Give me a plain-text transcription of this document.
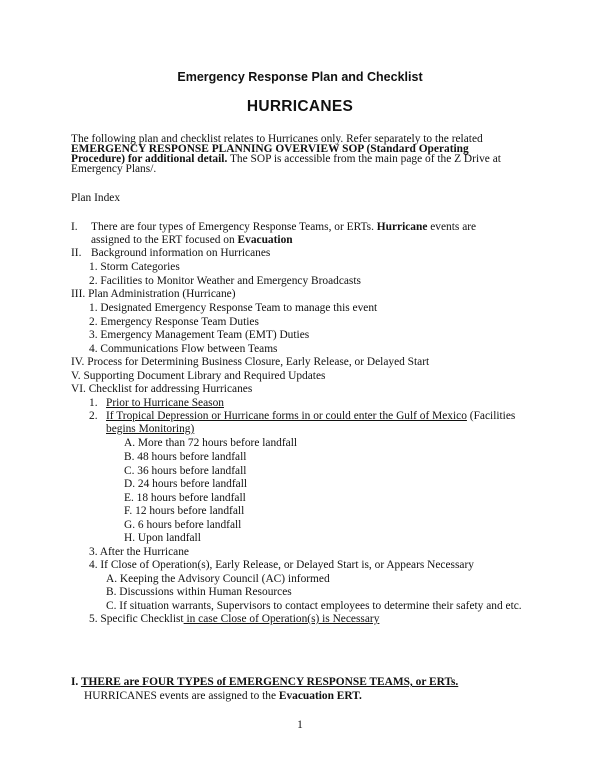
Emergency Response Plan and Checklist
HURRICANES
The following plan and checklist relates to Hurricanes only. Refer separately to the related
EMERGENCY RESPONSE PLANNING OVERVIEW SOP (Standard Operating
Procedure) for additional detail. The SOP is accessible from the main page of the Z Drive at
Emergency Plans/.
Plan Index
I. There are four types of Emergency Response Teams, or ERTs. Hurricane events are
assigned to the ERT focused on Evacuation
II. Background information on Hurricanes
1. Storm Categories
2. Facilities to Monitor Weather and Emergency Broadcasts
III. Plan Administration (Hurricane)
1. Designated Emergency Response Team to manage this event
2. Emergency Response Team Duties
3. Emergency Management Team (EMT) Duties
4. Communications Flow between Teams
IV. Process for Determining Business Closure, Early Release, or Delayed Start
V. Supporting Document Library and Required Updates
VI. Checklist for addressing Hurricanes
1. Prior to Hurricane Season
2. If Tropical Depression or Hurricane forms in or could enter the Gulf of Mexico (Facilities
begins Monitoring)
A. More than 72 hours before landfall
B. 48 hours before landfall
C. 36 hours before landfall
D. 24 hours before landfall
E. 18 hours before landfall
F. 12 hours before landfall
G. 6 hours before landfall
H. Upon landfall
3. After the Hurricane
4. If Close of Operation(s), Early Release, or Delayed Start is, or Appears Necessary
A. Keeping the Advisory Council (AC) informed
B. Discussions within Human Resources
C. If situation warrants, Supervisors to contact employees to determine their safety and etc.
5. Specific Checklist in case Close of Operation(s) is Necessary
I. THERE are FOUR TYPES of EMERGENCY RESPONSE TEAMS, or ERTs.
HURRICANES events are assigned to the Evacuation ERT.
1
